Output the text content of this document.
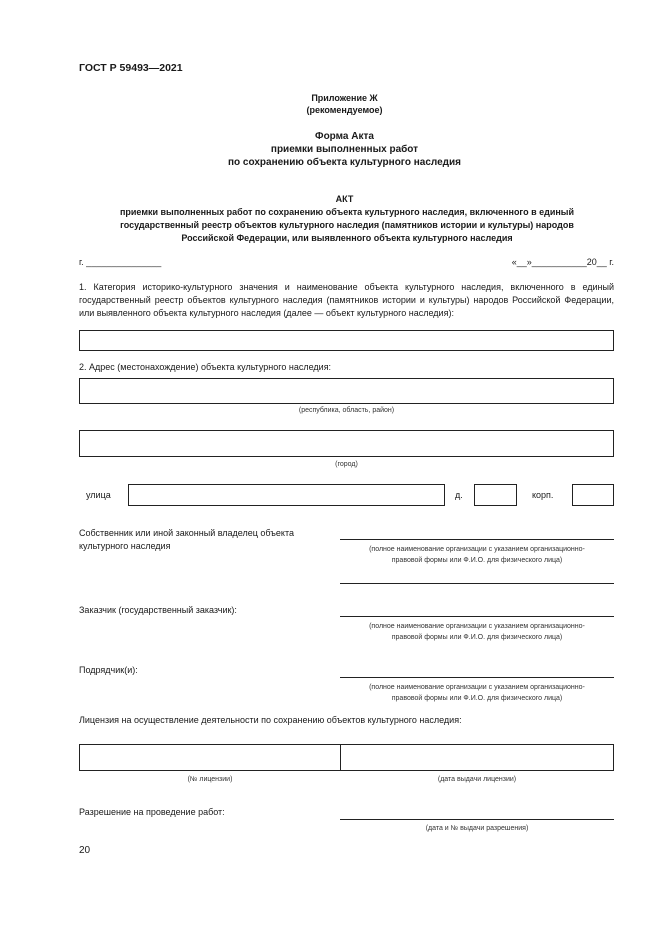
ГОСТ Р 59493—2021
Приложение Ж
(рекомендуемое)
Форма Акта
приемки выполненных работ
по сохранению объекта культурного наследия
АКТ
приемки выполненных работ по сохранению объекта культурного наследия, включенного в единый
государственный реестр объектов культурного наследия (памятников истории и культуры) народов
Российской Федерации, или выявленного объекта культурного наследия
г. _______________	«__»___________20__ г.
1. Категория историко-культурного значения и наименование объекта культурного наследия, включенного в единый государственный реестр объектов культурного наследия (памятников истории и культуры) народов Российской Федерации, или выявленного объекта культурного наследия (далее — объект культурного наследия):
2. Адрес (местонахождение) объекта культурного наследия:
(республика, область, район)
(город)
улица	д.	корп.
Собственник или иной законный владелец объекта культурного наследия	(полное наименование организации с указанием организационно-
правовой формы или Ф.И.О. для физического лица)
Заказчик (государственный заказчик):
(полное наименование организации с указанием организационно-
правовой формы или Ф.И.О. для физического лица)
Подрядчик(и):
(полное наименование организации с указанием организационно-
правовой формы или Ф.И.О. для физического лица)
Лицензия на осуществление деятельности по сохранению объектов культурного наследия:
(№ лицензии)	(дата выдачи лицензии)
Разрешение на проведение работ:
(дата и № выдачи разрешения)
20
